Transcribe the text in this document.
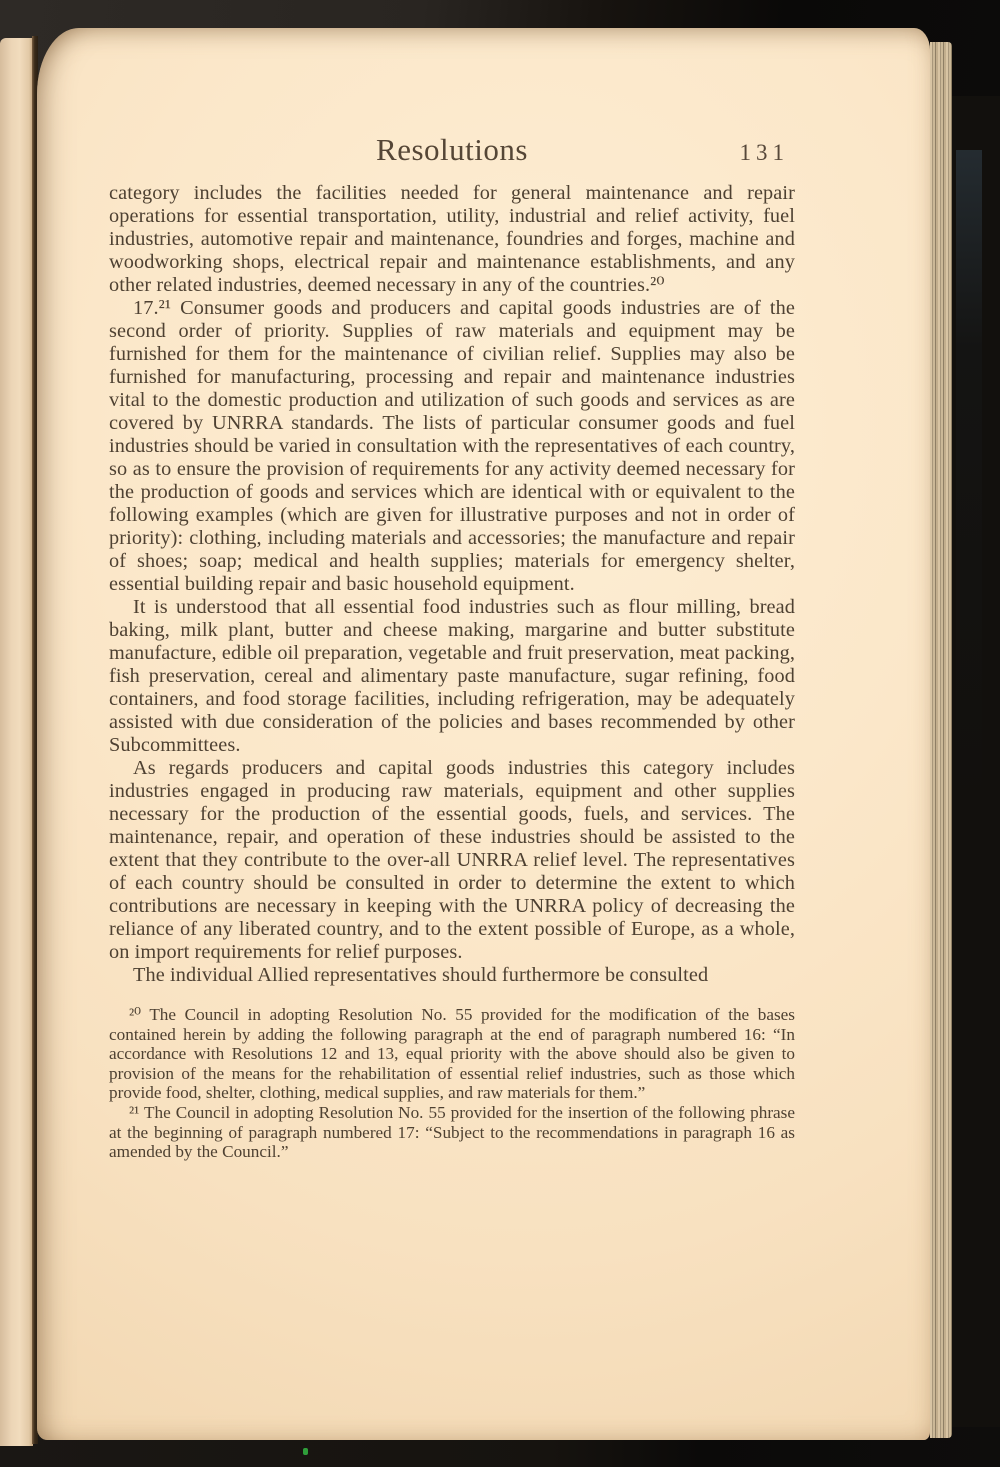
Resolutions	131

category includes the facilities needed for general maintenance and repair operations for essential transportation, utility, industrial and relief activity, fuel industries, automotive repair and maintenance, foundries and forges, machine and woodworking shops, electrical repair and maintenance establishments, and any other related industries, deemed necessary in any of the countries.²⁰

17.²¹ Consumer goods and producers and capital goods industries are of the second order of priority. Supplies of raw materials and equipment may be furnished for them for the maintenance of civilian relief. Supplies may also be furnished for manufacturing, processing and repair and maintenance industries vital to the domestic production and utilization of such goods and services as are covered by UNRRA standards. The lists of particular consumer goods and fuel industries should be varied in consultation with the representatives of each country, so as to ensure the provision of requirements for any activity deemed necessary for the production of goods and services which are identical with or equivalent to the following examples (which are given for illustrative purposes and not in order of priority): clothing, including materials and accessories; the manufacture and repair of shoes; soap; medical and health supplies; materials for emergency shelter, essential building repair and basic household equipment.

It is understood that all essential food industries such as flour milling, bread baking, milk plant, butter and cheese making, margarine and butter substitute manufacture, edible oil preparation, vegetable and fruit preservation, meat packing, fish preservation, cereal and alimentary paste manufacture, sugar refining, food containers, and food storage facilities, including refrigeration, may be adequately assisted with due consideration of the policies and bases recommended by other Subcommittees.

As regards producers and capital goods industries this category includes industries engaged in producing raw materials, equipment and other supplies necessary for the production of the essential goods, fuels, and services. The maintenance, repair, and operation of these industries should be assisted to the extent that they contribute to the over-all UNRRA relief level. The representatives of each country should be consulted in order to determine the extent to which contributions are necessary in keeping with the UNRRA policy of decreasing the reliance of any liberated country, and to the extent possible of Europe, as a whole, on import requirements for relief purposes.

The individual Allied representatives should furthermore be consulted

²⁰ The Council in adopting Resolution No. 55 provided for the modification of the bases contained herein by adding the following paragraph at the end of paragraph numbered 16: “In accordance with Resolutions 12 and 13, equal priority with the above should also be given to provision of the means for the rehabilitation of essential relief industries, such as those which provide food, shelter, clothing, medical supplies, and raw materials for them.”

²¹ The Council in adopting Resolution No. 55 provided for the insertion of the following phrase at the beginning of paragraph numbered 17: “Subject to the recommendations in paragraph 16 as amended by the Council.”
